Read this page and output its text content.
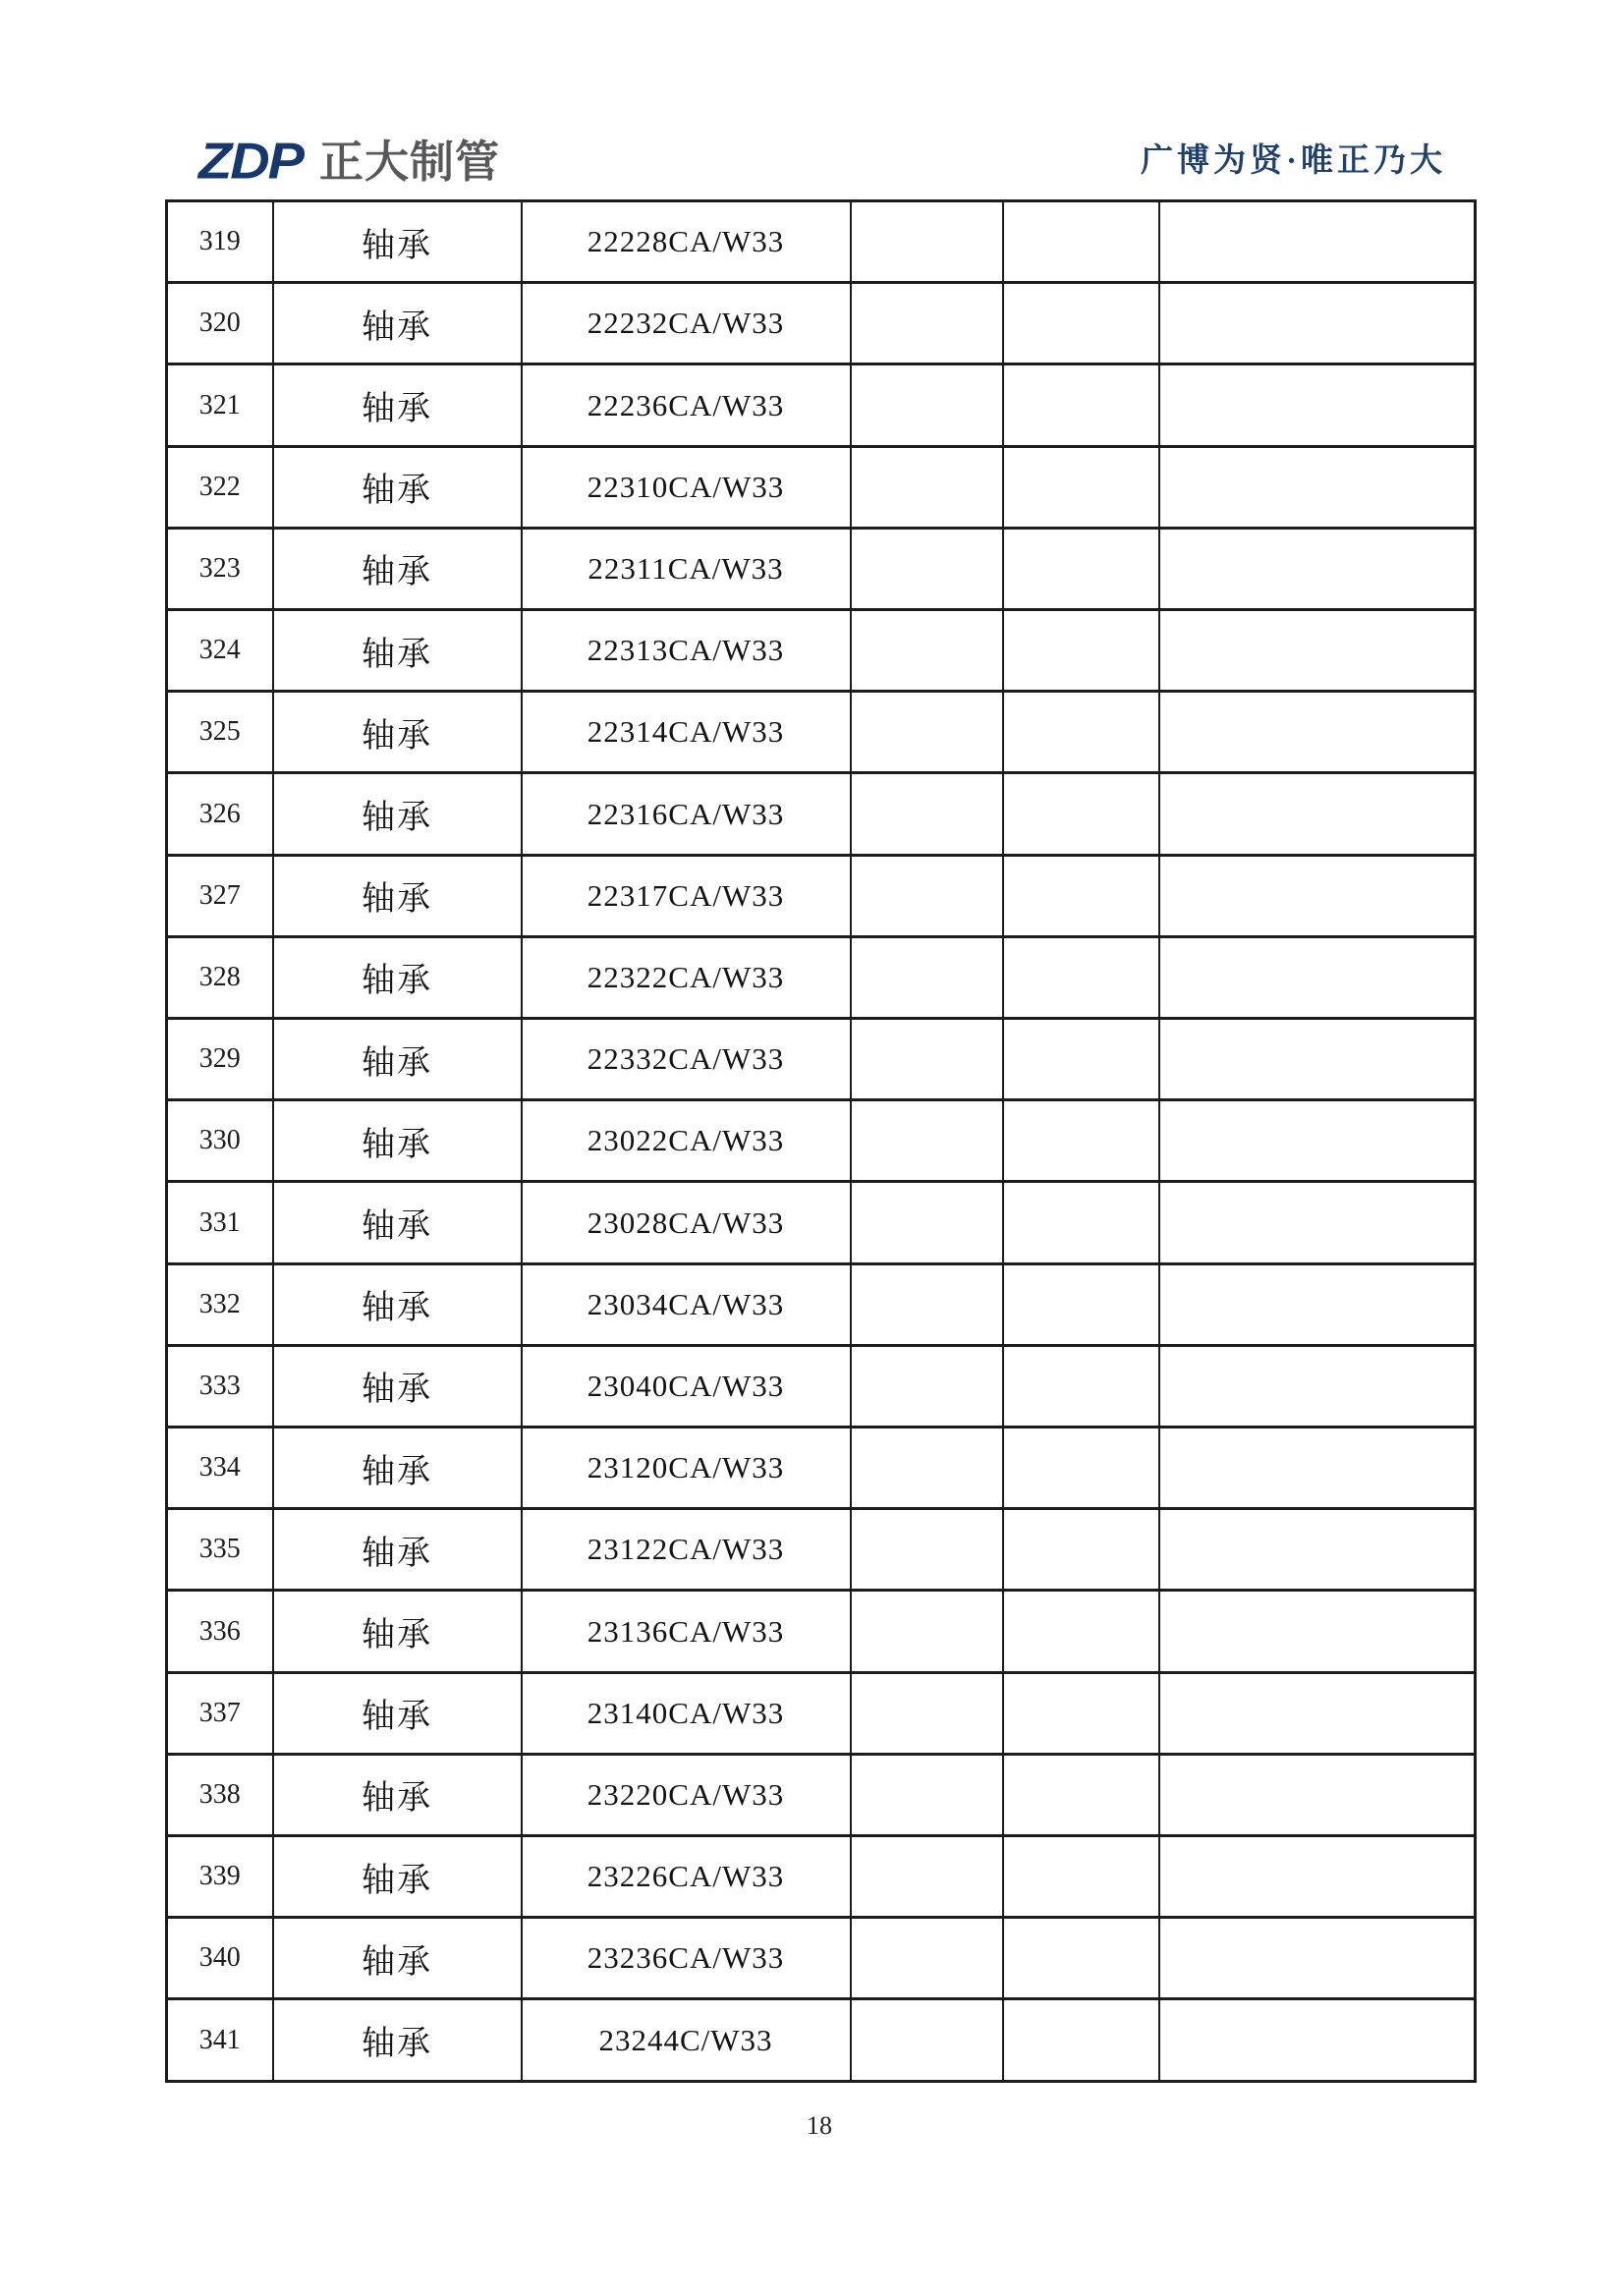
ZDP 正大制管	广博为贤·唯正乃大
319	轴承	22228CA/W33			
320	轴承	22232CA/W33			
321	轴承	22236CA/W33			
322	轴承	22310CA/W33			
323	轴承	22311CA/W33			
324	轴承	22313CA/W33			
325	轴承	22314CA/W33			
326	轴承	22316CA/W33			
327	轴承	22317CA/W33			
328	轴承	22322CA/W33			
329	轴承	22332CA/W33			
330	轴承	23022CA/W33			
331	轴承	23028CA/W33			
332	轴承	23034CA/W33			
333	轴承	23040CA/W33			
334	轴承	23120CA/W33			
335	轴承	23122CA/W33			
336	轴承	23136CA/W33			
337	轴承	23140CA/W33			
338	轴承	23220CA/W33			
339	轴承	23226CA/W33			
340	轴承	23236CA/W33			
341	轴承	23244C/W33			
18
